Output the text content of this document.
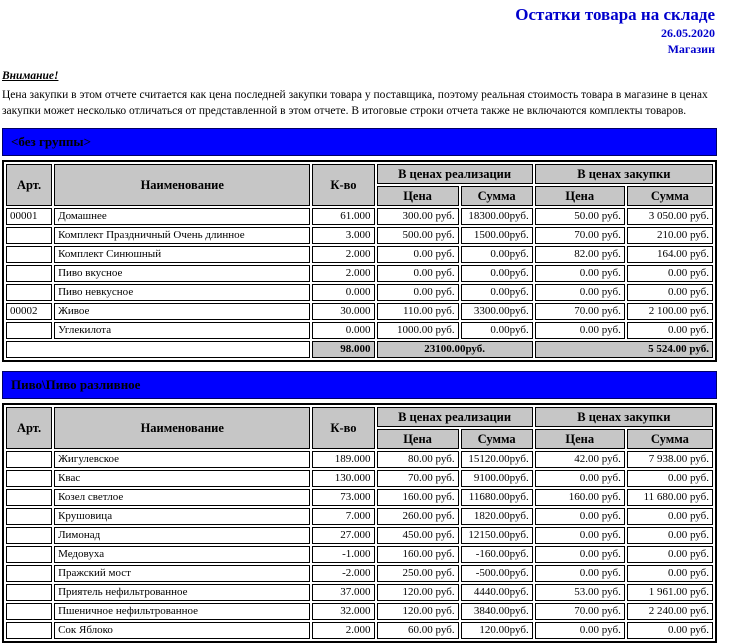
Остатки товара на складе
26.05.2020
Магазин
Внимание!
Цена закупки в этом отчете считается как цена последней закупки товара у поставщика, поэтому реальная стоимость товара в магазине в ценах закупки может несколько отличаться от представленной в этом отчете. В итоговые строки отчета также не включаются комплекты товаров.
<без группы>
Арт.	Наименование	К-во	В ценах реализации		В ценах закупки	
			Цена	Сумма	Цена	Сумма
00001	Домашнее	61.000	300.00 руб.	18300.00руб.	50.00 руб.	3 050.00 руб.
	Комплект Праздничный Очень длинное	3.000	500.00 руб.	1500.00руб.	70.00 руб.	210.00 руб.
	Комплект Синюшный	2.000	0.00 руб.	0.00руб.	82.00 руб.	164.00 руб.
	Пиво вкусное	2.000	0.00 руб.	0.00руб.	0.00 руб.	0.00 руб.
	Пиво невкусное	0.000	0.00 руб.	0.00руб.	0.00 руб.	0.00 руб.
00002	Живое	30.000	110.00 руб.	3300.00руб.	70.00 руб.	2 100.00 руб.
	Углекилота	0.000	1000.00 руб.	0.00руб.	0.00 руб.	0.00 руб.
		98.000	23100.00руб.		5 524.00 руб.	
Пиво\Пиво разливное
Арт.	Наименование	К-во	В ценах реализации		В ценах закупки	
			Цена	Сумма	Цена	Сумма
	Жигулевское	189.000	80.00 руб.	15120.00руб.	42.00 руб.	7 938.00 руб.
	Квас	130.000	70.00 руб.	9100.00руб.	0.00 руб.	0.00 руб.
	Козел светлое	73.000	160.00 руб.	11680.00руб.	160.00 руб.	11 680.00 руб.
	Крушовица	7.000	260.00 руб.	1820.00руб.	0.00 руб.	0.00 руб.
	Лимонад	27.000	450.00 руб.	12150.00руб.	0.00 руб.	0.00 руб.
	Медовуха	-1.000	160.00 руб.	-160.00руб.	0.00 руб.	0.00 руб.
	Пражский мост	-2.000	250.00 руб.	-500.00руб.	0.00 руб.	0.00 руб.
	Приятель нефильтрованное	37.000	120.00 руб.	4440.00руб.	53.00 руб.	1 961.00 руб.
	Пшеничное нефильтрованное	32.000	120.00 руб.	3840.00руб.	70.00 руб.	2 240.00 руб.
	Сок Яблоко	2.000	60.00 руб.	120.00руб.	0.00 руб.	0.00 руб.
